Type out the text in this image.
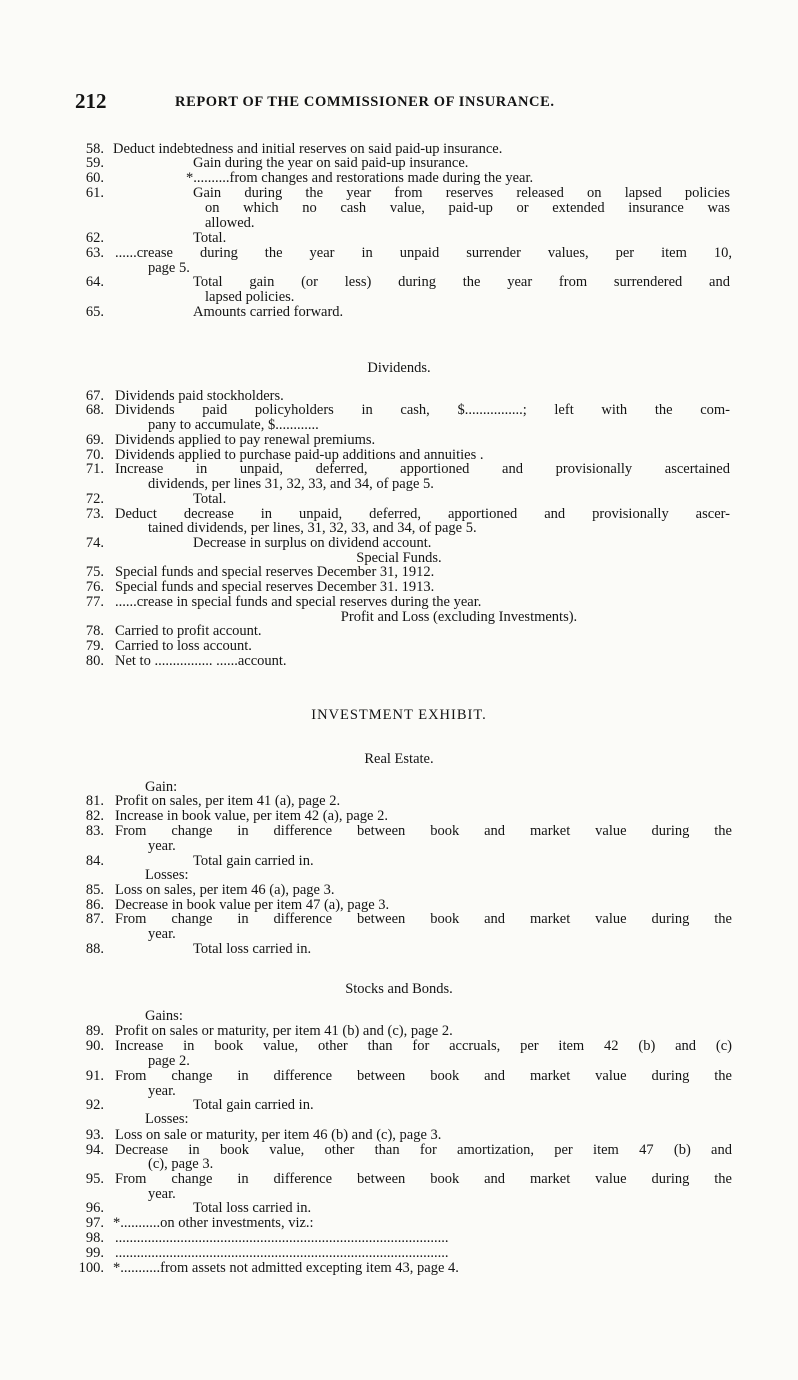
212	REPORT OF THE COMMISSIONER OF INSURANCE.
Dividends.
Special Funds.
Profit and Loss (excluding Investments).
INVESTMENT EXHIBIT.
Real Estate.
Stocks and Bonds.
Gain:
Losses:
Gains:
Losses:
58. Deduct indebtedness and initial reserves on said paid-up insurance.
59.	Gain during the year on said paid-up insurance.
60.	*..........from changes and restorations made during the year.
61.	Gain during the year from reserves released on lapsed policies
on which no cash value, paid-up or extended insurance was
allowed.
62.	Total.
63. ......crease during the year in unpaid surrender values, per item 10,
page 5.
64.	Total gain (or less) during the year from surrendered and
lapsed policies.
65.	Amounts carried forward.
67. Dividends paid stockholders.
68. Dividends paid policyholders in cash, $................; left with the com-
pany to accumulate, $............
69. Dividends applied to pay renewal premiums.
70. Dividends applied to purchase paid-up additions and annuities .
71. Increase in unpaid, deferred, apportioned and provisionally ascertained
dividends, per lines 31, 32, 33, and 34, of page 5.
72.	Total.
73. Deduct decrease in unpaid, deferred, apportioned and provisionally ascer-
tained dividends, per lines, 31, 32, 33, and 34, of page 5.
74.	Decrease in surplus on dividend account.
75. Special funds and special reserves December 31, 1912.
76. Special funds and special reserves December 31. 1913.
77. ......crease in special funds and special reserves during the year.
78. Carried to profit account.
79. Carried to loss account.
80. Net to ................ ......account.
81. Profit on sales, per item 41 (a), page 2.
82. Increase in book value, per item 42 (a), page 2.
83. From change in difference between book and market value during the
year.
84.	Total gain carried in.
85. Loss on sales, per item 46 (a), page 3.
86. Decrease in book value per item 47 (a), page 3.
87. From change in difference between book and market value during the
year.
88.	Total loss carried in.
89. Profit on sales or maturity, per item 41 (b) and (c), page 2.
90. Increase in book value, other than for accruals, per item 42 (b) and (c)
page 2.
91. From change in difference between book and market value during the
year.
92.	Total gain carried in.
93. Loss on sale or maturity, per item 46 (b) and (c), page 3.
94. Decrease in book value, other than for amortization, per item 47 (b) and
(c), page 3.
95. From change in difference between book and market value during the
year.
96.	Total loss carried in.
97. *...........on other investments, viz.:
98. ............................................................................................
99. ............................................................................................
100. *...........from assets not admitted excepting item 43, page 4.
